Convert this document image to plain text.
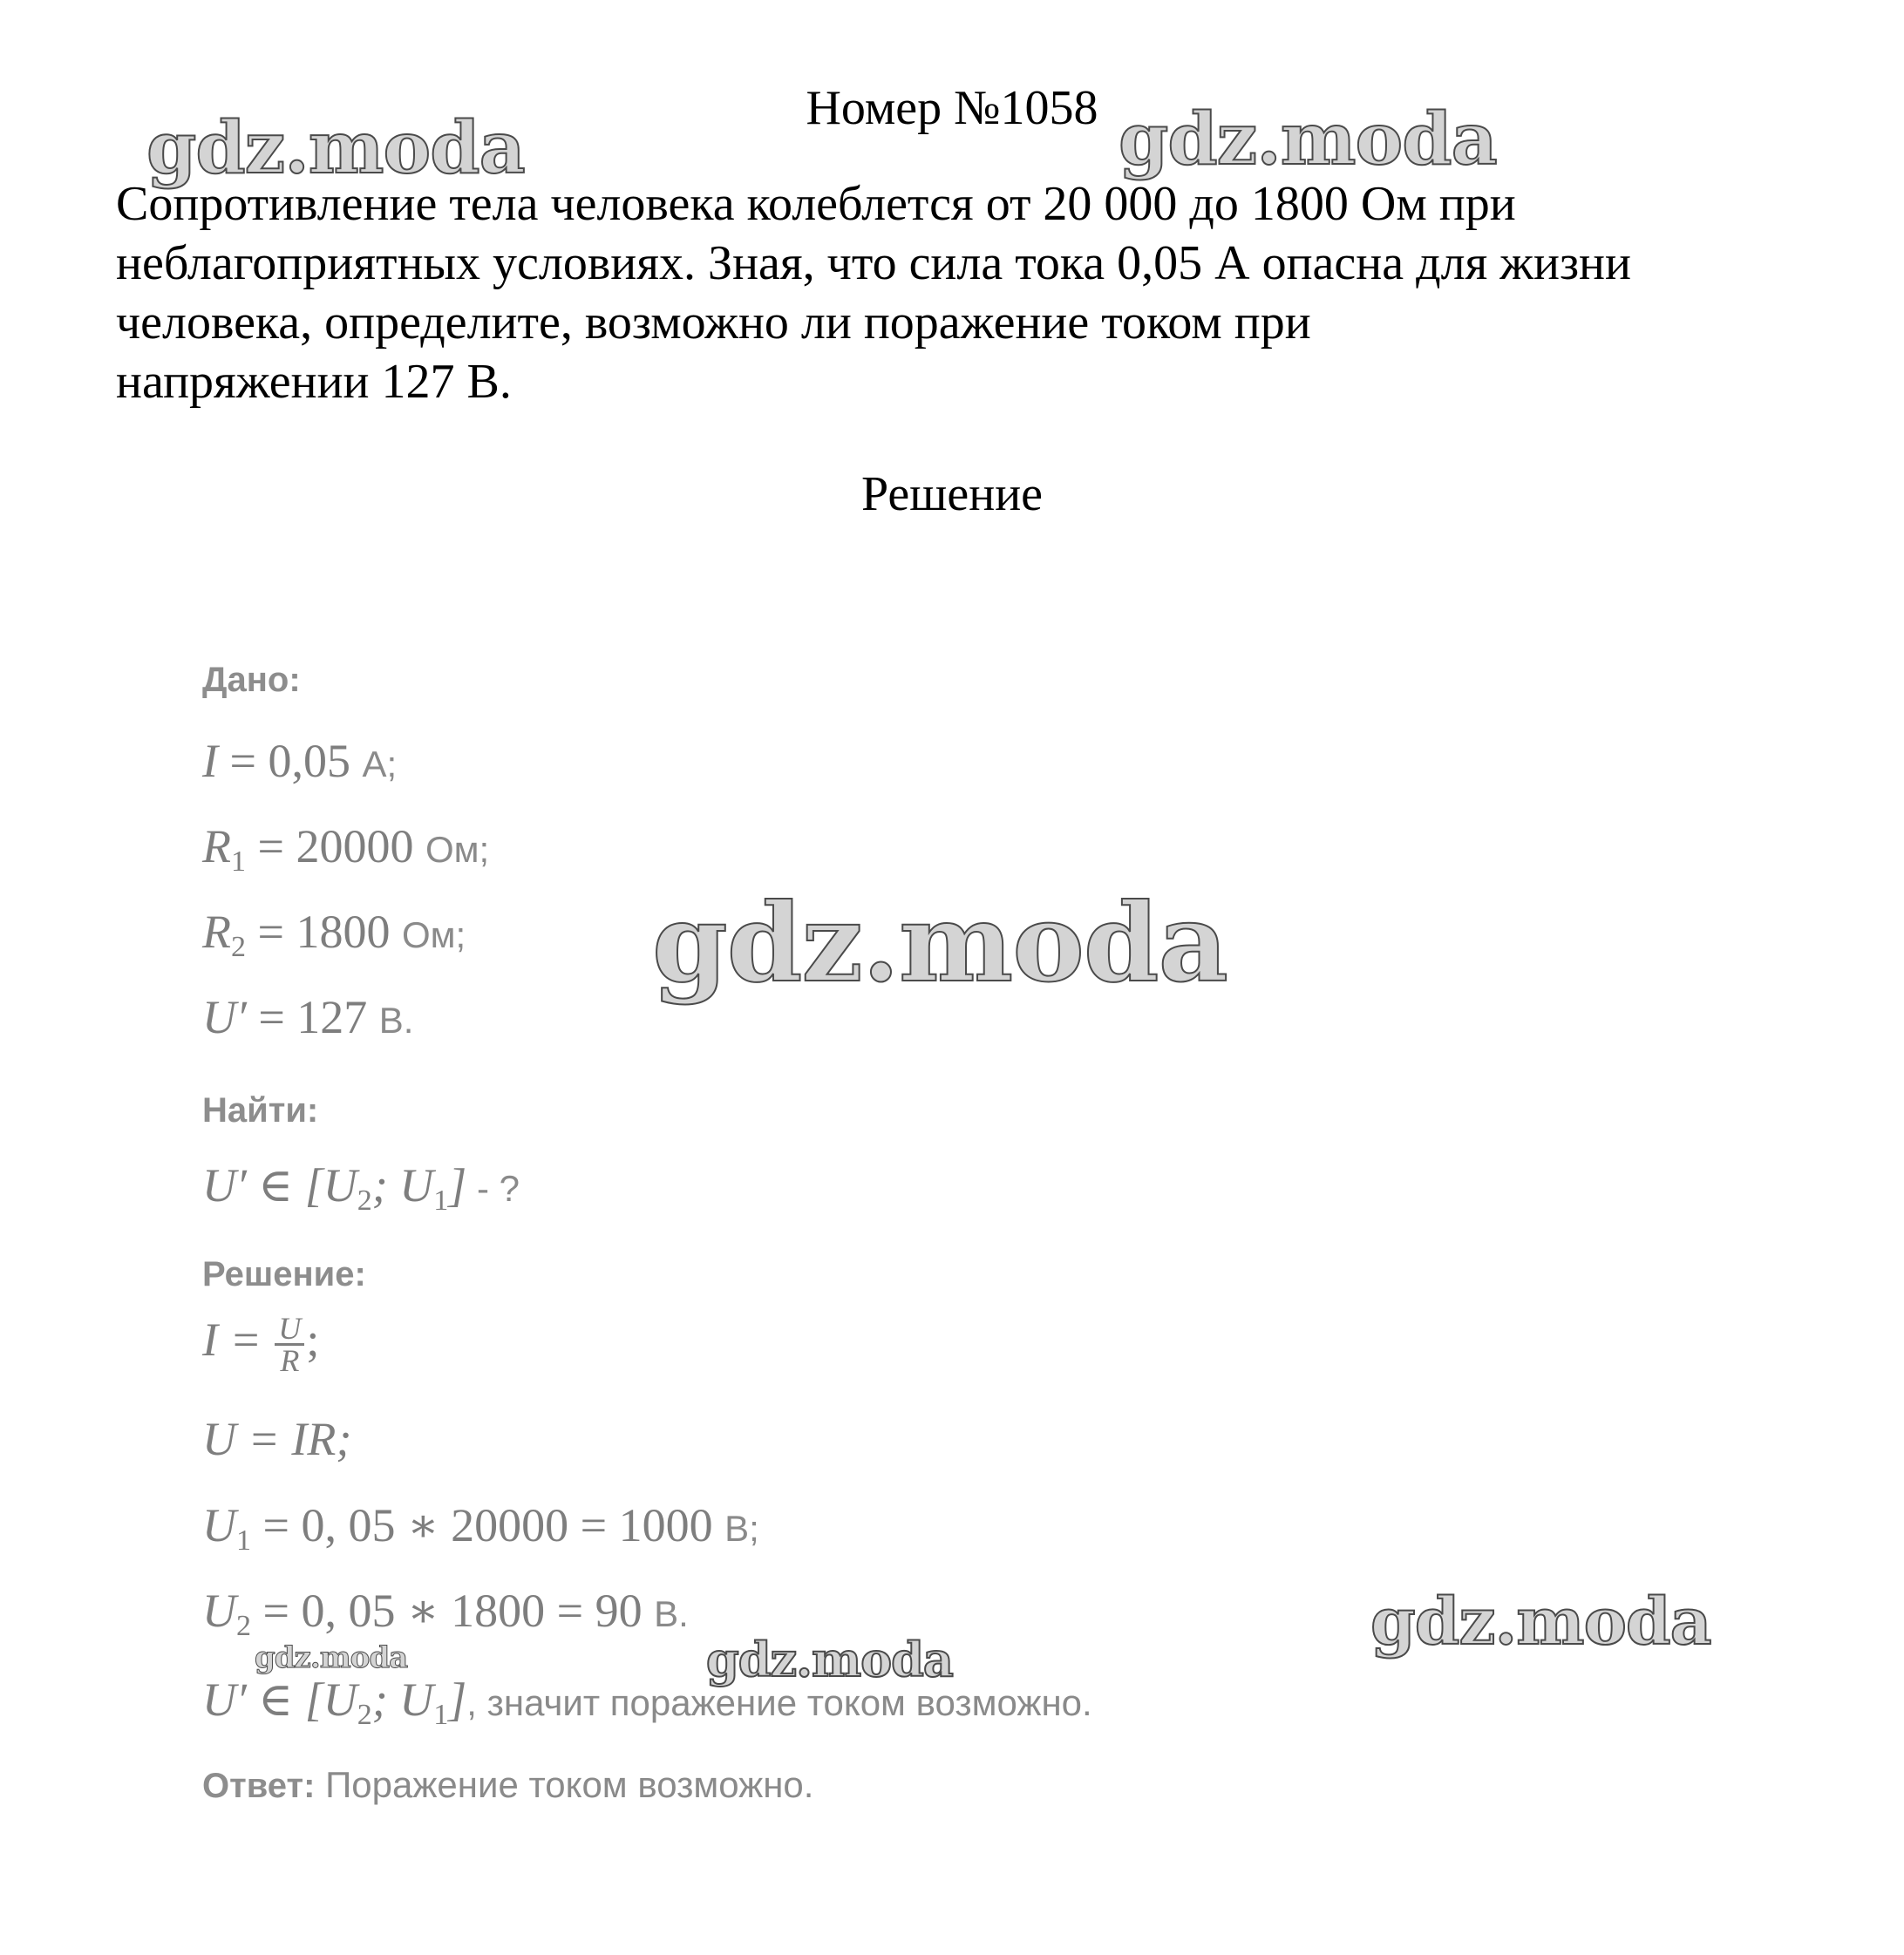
Номер №1058
Сопротивление тела человека колеблется от 20 000 до 1800 Ом при
неблагоприятных условиях. Зная, что сила тока 0,05 А опасна для жизни
человека, определите, возможно ли поражение током при
напряжении 127 В.
Решение
Дано:
I = 0,05 А;
$R_1 = 20000$ Ом;
$R_2 = 1800$ Ом;
U′ = 127 В.
Найти:
U′ ∈ [$U_2$; $U_1$] - ?
Решение:
$I = \frac{U}{R}$ ;
U = IR;
$U_1 = 0$, 05 ∗ 20000 = 1000 В;
$U_2 = 0$, 05 ∗ 1800 = 90 В.
U′ ∈ [$U_2$; $U_1$], значит поражение током возможно.
Ответ: Поражение током возможно.
gdz.moda	gdz.moda
gdz.moda
gdz.moda
gdz.moda	gdz.moda
